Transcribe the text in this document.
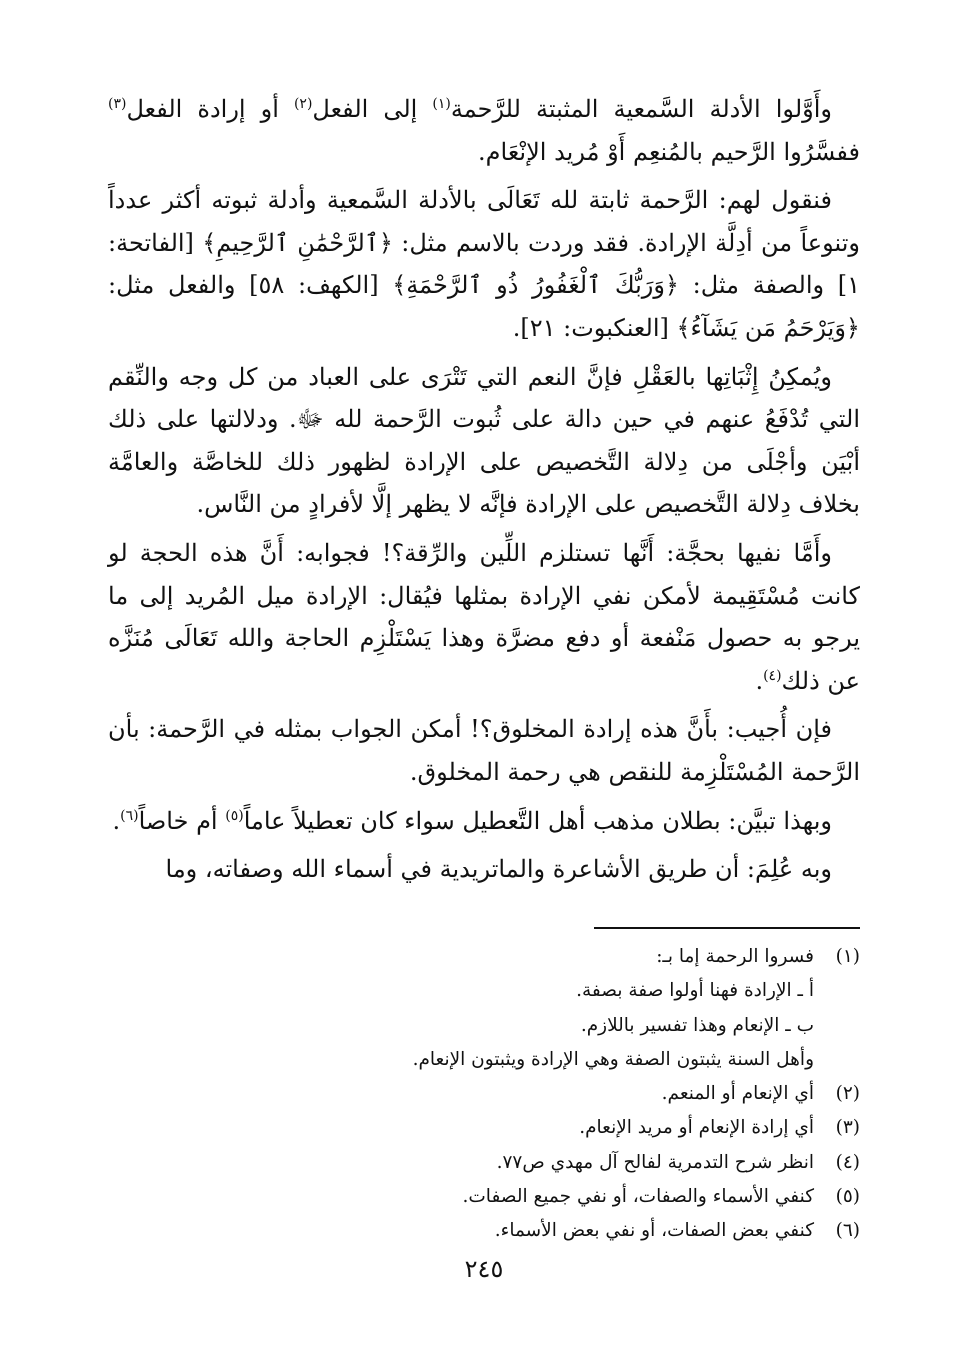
وأَوَّلوا الأدلة السَّمعية المثبتة للرَّحمة$^{(١)}$ إلى الفعل$^{(٢)}$ أو إرادة الفعل$^{(٣)}$ ففسَّرُوا الرَّحيم بالمُنعِم أَوْ مُريد الإنْعَام.

فنقول لهم: الرَّحمة ثابتة لله تَعَالَى بالأدلة السَّمعية وأدلة ثبوته أكثر عدداً وتنوعاً من أدِلَّة الإرادة. فقد وردت بالاسم مثل: ﴿ٱلرَّحْمَٰنِ ٱلرَّحِيمِ﴾ [الفاتحة: ١] والصفة مثل: ﴿وَرَبُّكَ ٱلْغَفُورُ ذُو ٱلرَّحْمَةِ﴾ [الكهف: ٥٨] والفعل مثل: ﴿وَيَرْحَمُ مَن يَشَآءُ﴾ [العنكبوت: ٢١].

ويُمكِنُ إِثْبَاتِها بالعَقْلِ فإنَّ النعم التي تَتْرَى على العباد من كل وجه والنِّقم التي تُدْفَعُ عنهم في حين دالة على ثُبوت الرَّحمة لله ﷻ. ودلالتها على ذلك أبْيَن وأجْلَى من دِلالة التَّخصيص على الإرادة لظهور ذلك للخاصَّة والعامَّة بخلاف دِلالة التَّخصيص على الإرادة فإنَّه لا يظهر إلَّا لأفرادٍ من النَّاس.

وأَمَّا نفيها بحجَّة: أَنَّها تستلزم اللِّين والرِّقة؟! فجوابه: أَنَّ هذه الحجة لو كانت مُسْتَقِيمة لأمكن نفي الإرادة بمثلها فيُقال: الإرادة ميل المُريد إلى ما يرجو به حصول مَنْفعة أو دفع مضرَّة وهذا يَسْتَلْزِم الحاجة والله تَعَالَى مُنَزَّه عن ذلك$^{(٤)}$.

فإن أُجيب: بأَنَّ هذه إرادة المخلوق؟! أمكن الجواب بمثله في الرَّحمة: بأن الرَّحمة المُسْتَلْزِمة للنقص هي رحمة المخلوق.

وبهذا تبيَّن: بطلان مذهب أهل التَّعطيل سواء كان تعطيلاً عاماً$^{(٥)}$ أم خاصاً$^{(٦)}$.

وبه عُلِمَ: أن طريق الأشاعرة والماتريدية في أسماء الله وصفاته، وما

(١)
فسروا الرحمة إما بـ:
أ ـ الإرادة فهنا أولوا صفة بصفة.
ب ـ الإنعام وهذا تفسير باللازم.
وأهل السنة يثبتون الصفة وهي الإرادة ويثبتون الإنعام.
(٢)
أي الإنعام أو المنعم.
(٣)
أي إرادة الإنعام أو مريد الإنعام.
(٤)
انظر شرح التدمرية لفالح آل مهدي ص٧٧.
(٥)
كنفي الأسماء والصفات، أو نفي جميع الصفات.
(٦)
كنفي بعض الصفات، أو نفي بعض الأسماء.
٢٤٥
